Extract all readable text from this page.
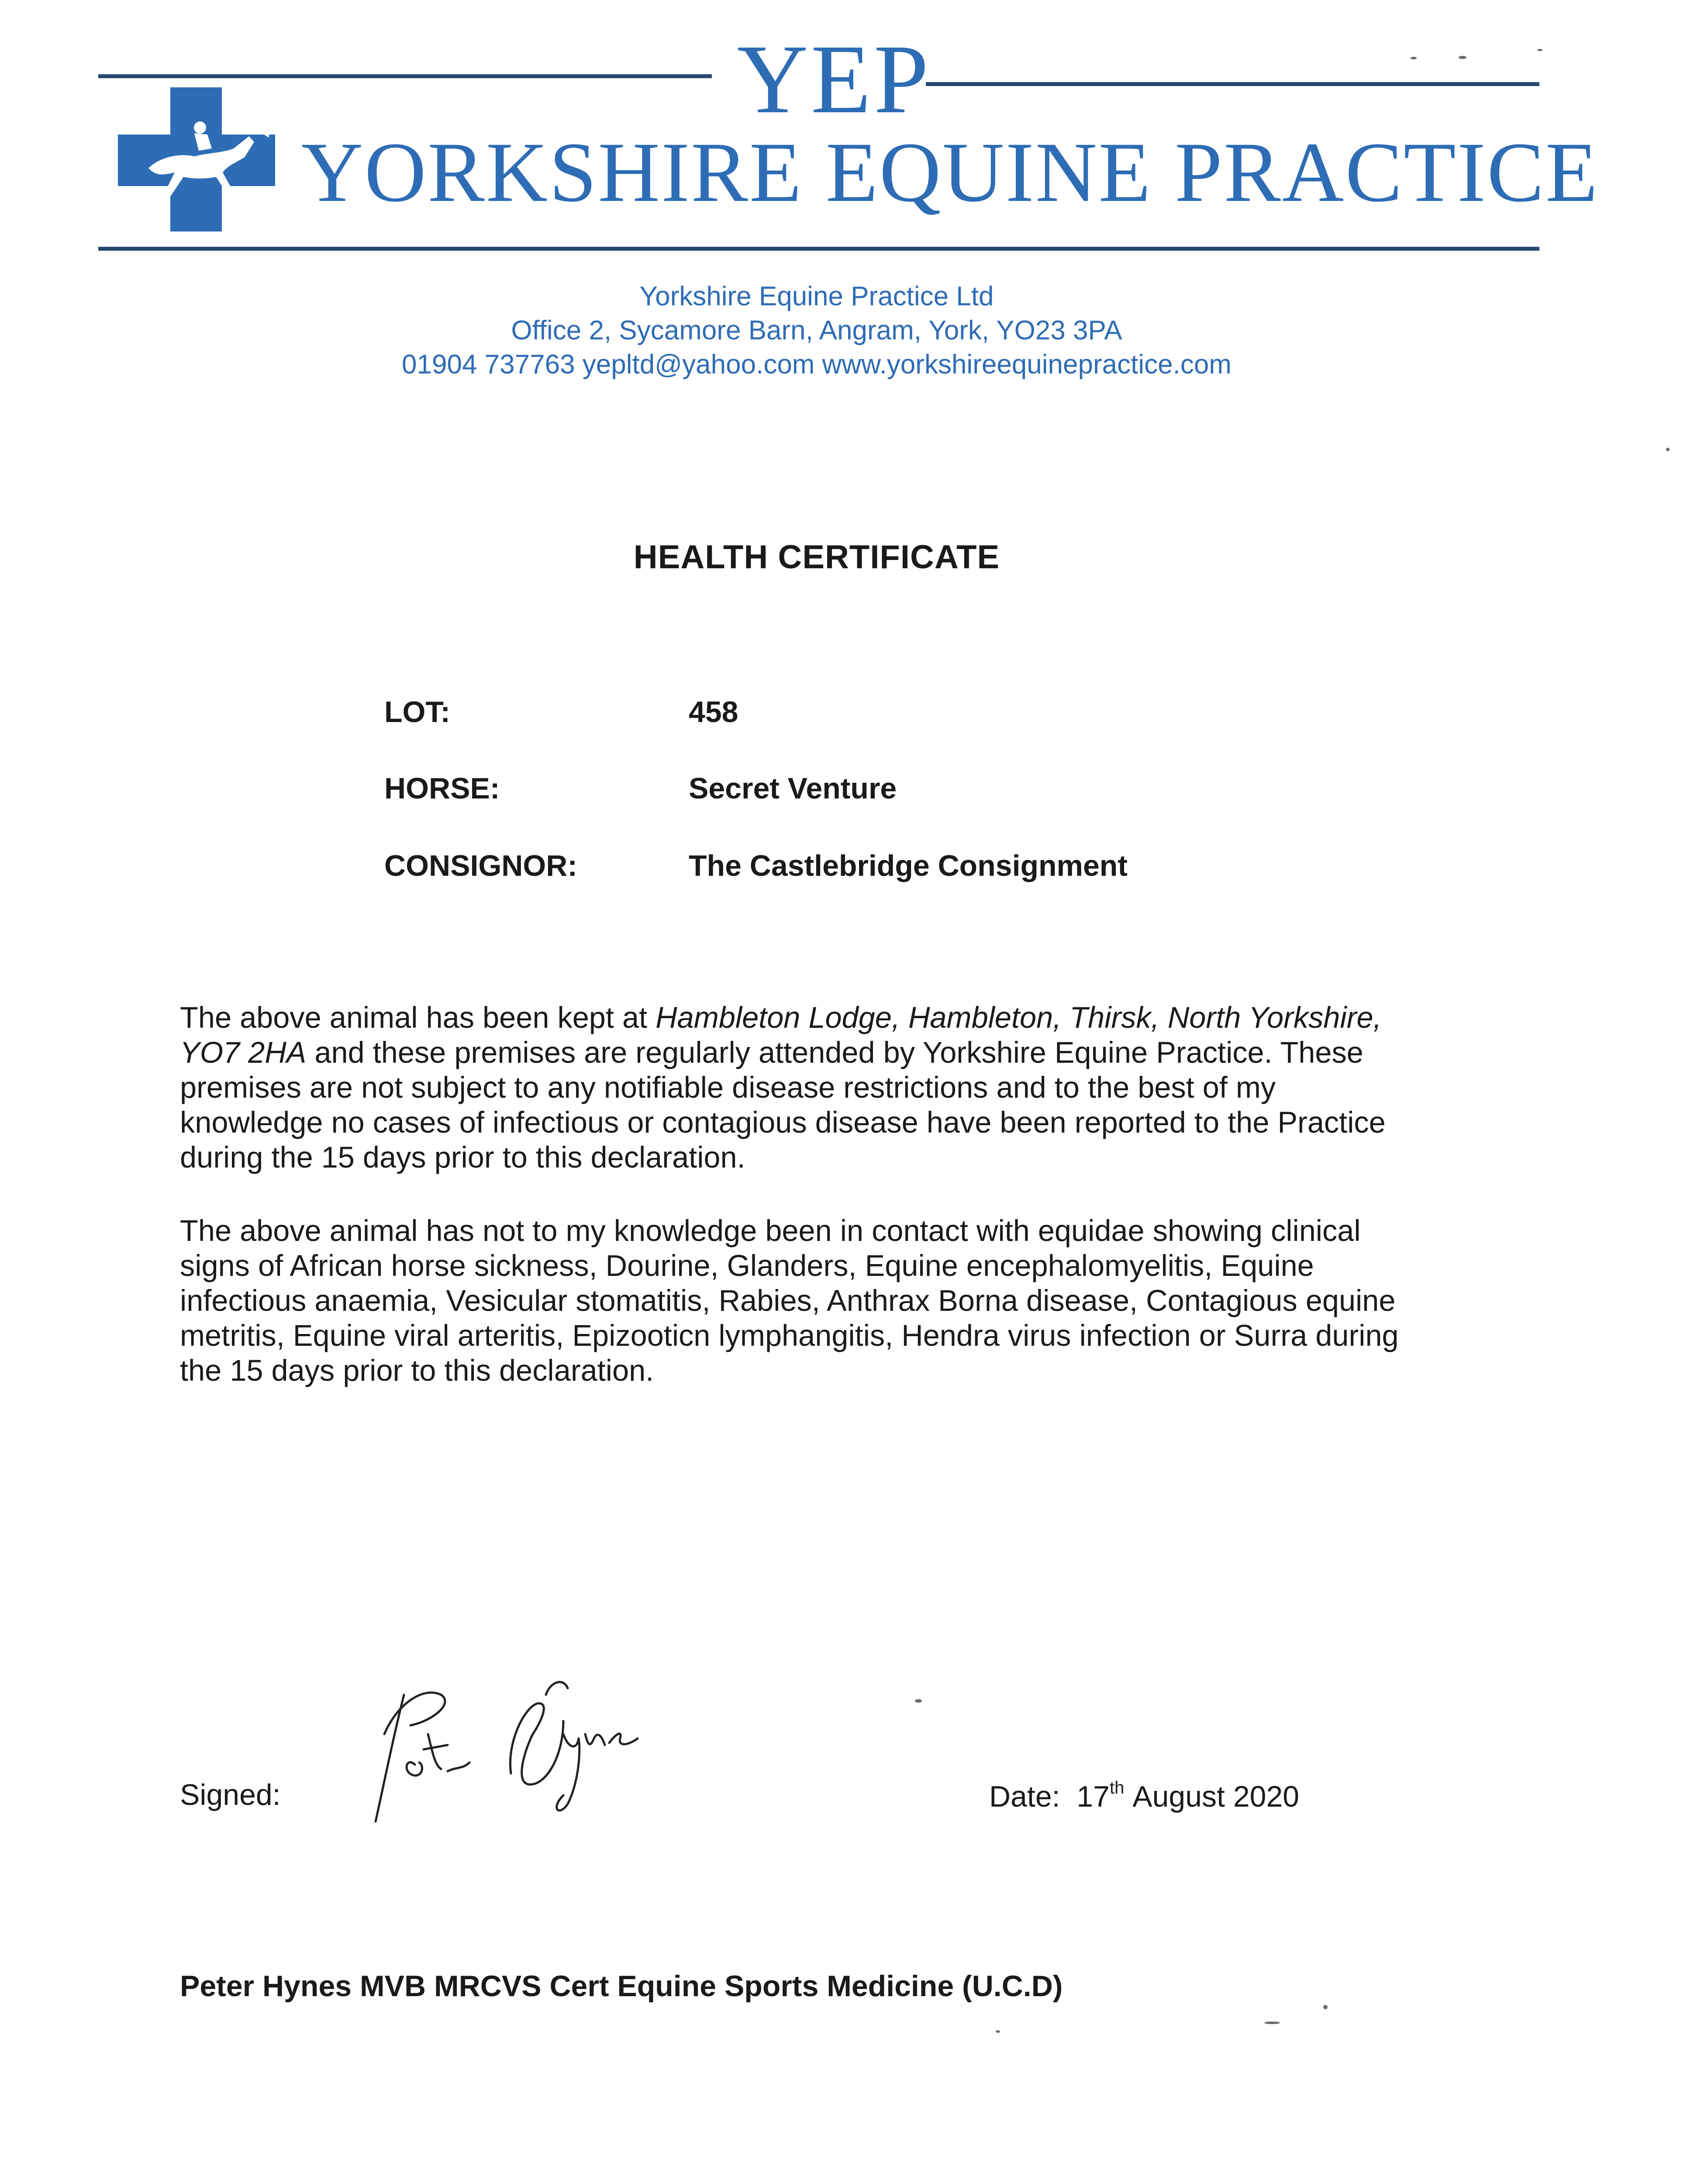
YEP
YORKSHIRE EQUINE PRACTICE
Yorkshire Equine Practice Ltd
Office 2, Sycamore Barn, Angram, York, YO23 3PA
01904 737763 yepltd@yahoo.com www.yorkshireequinepractice.com
HEALTH CERTIFICATE
LOT:	458
HORSE:	Secret Venture
CONSIGNOR:	The Castlebridge Consignment
The above animal has been kept at Hambleton Lodge, Hambleton, Thirsk, North Yorkshire,
YO7 2HA and these premises are regularly attended by Yorkshire Equine Practice. These
premises are not subject to any notifiable disease restrictions and to the best of my
knowledge no cases of infectious or contagious disease have been reported to the Practice
during the 15 days prior to this declaration.
The above animal has not to my knowledge been in contact with equidae showing clinical
signs of African horse sickness, Dourine, Glanders, Equine encephalomyelitis, Equine
infectious anaemia, Vesicular stomatitis, Rabies, Anthrax Borna disease, Contagious equine
metritis, Equine viral arteritis, Epizooticn lymphangitis, Hendra virus infection or Surra during
the 15 days prior to this declaration.
Signed:	Date: 17th August 2020
Peter Hynes MVB MRCVS Cert Equine Sports Medicine (U.C.D)
